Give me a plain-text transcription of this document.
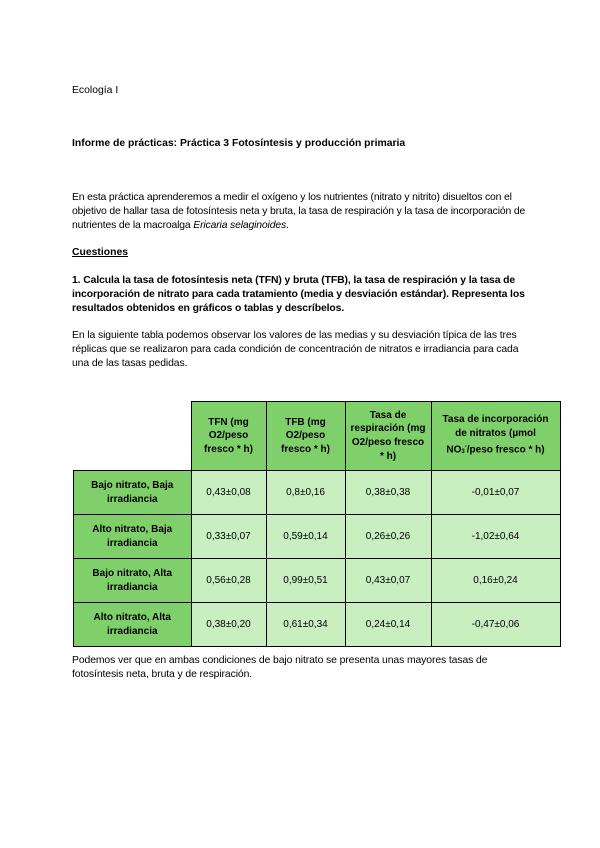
Ecología I
Informe de prácticas: Práctica 3 Fotosíntesis y producción primaria
En esta práctica aprenderemos a medir el oxígeno y los nutrientes (nitrato y nitrito) disueltos con el objetivo de hallar tasa de fotosíntesis neta y bruta, la tasa de respiración y la tasa de incorporación de nutrientes de la macroalga Ericaria selaginoides.
Cuestiones
1. Calcula la tasa de fotosíntesis neta (TFN) y bruta (TFB), la tasa de respiración y la tasa de incorporación de nitrato para cada tratamiento (media y desviación estándar). Representa los resultados obtenidos en gráficos o tablas y descríbelos.
En la siguiente tabla podemos observar los valores de las medias y su desviación típica de las tres réplicas que se realizaron para cada condición de concentración de nitratos e irradiancia para cada una de las tasas pedidas.
	TFN (mg O2/peso fresco * h)	TFB (mg O2/peso fresco * h)	Tasa de respiración (mg O2/peso fresco * h)	Tasa de incorporación de nitratos (µmol $NO_3^-$/peso fresco * h)
Bajo nitrato, Baja irradiancia	0,43±0,08	0,8±0,16	0,38±0,38	-0,01±0,07
Alto nitrato, Baja irradiancia	0,33±0,07	0,59±0,14	0,26±0,26	-1,02±0,64
Bajo nitrato, Alta irradiancia	0,56±0,28	0,99±0,51	0,43±0,07	0,16±0,24
Alto nitrato, Alta irradiancia	0,38±0,20	0,61±0,34	0,24±0,14	-0,47±0,06
Podemos ver que en ambas condiciones de bajo nitrato se presenta unas mayores tasas de fotosíntesis neta, bruta y de respiración.
